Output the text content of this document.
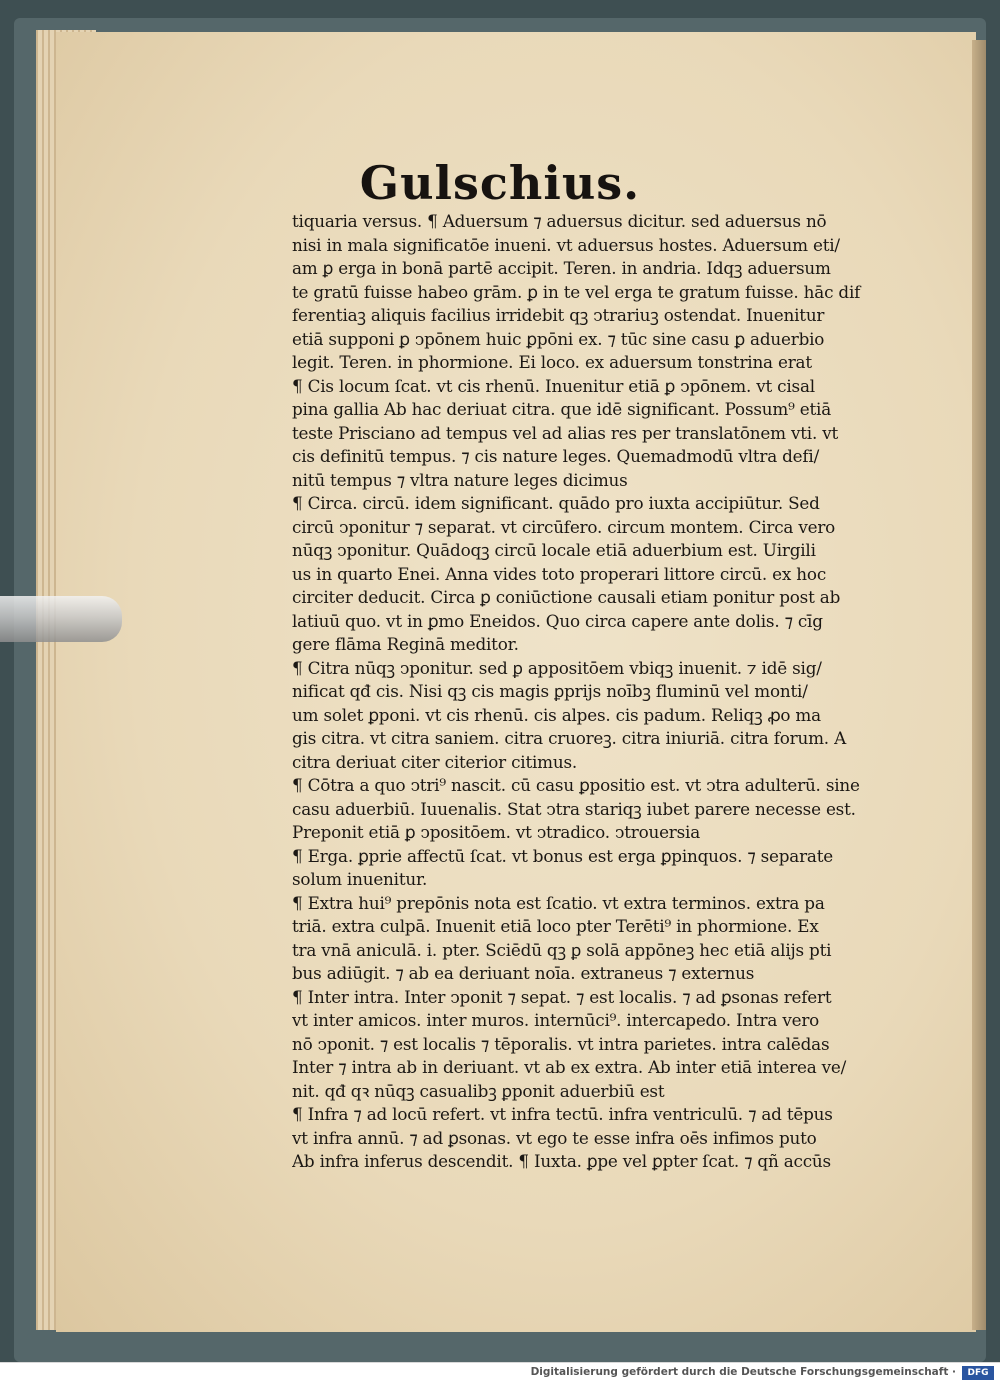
Gulschius.
tiquaria versus. ¶ Aduersum ⁊ aduersus dicitur. sed aduersus nō
nisi in mala significatōe inueni. vt aduersus hostes. Aduersum eti/
am ꝑ erga in bonā partē accipit. Teren. in andria. Idqꝫ aduersum
te gratū fuisse habeo grām. ꝑ in te vel erga te gratum fuisse. hāc dif
ferentiaꝫ aliquis facilius irridebit qꝫ ↄtrariuꝫ ostendat. Inuenitur
etiā supponi ꝑ ↄpōnem huic ꝑpōni ex. ⁊ tūc sine casu ꝑ aduerbio
legit. Teren. in phormione. Ei loco. ex aduersum tonstrina erat
¶ Cis locum ſcat. vt cis rhenū. Inuenitur etiā ꝑ ↄpōnem. vt cisal
pina gallia Ab hac deriuat citra. que idē significant. Possum⁹ etiā
teste Prisciano ad tempus vel ad alias res per translatōnem vti. vt
cis definitū tempus. ⁊ cis nature leges. Quemadmodū vltra defi/
nitū tempus ⁊ vltra nature leges dicimus
¶ Circa. circū. idem significant. quādo pro iuxta accipiūtur. Sed
circū ↄponitur ⁊ separat. vt circūfero. circum montem. Circa vero
nūqꝫ ↄponitur. Quādoqꝫ circū locale etiā aduerbium est. Uirgili
us in quarto Enei. Anna vides toto properari littore circū. ex hoc
circiter deducit. Circa ꝑ coniūctione causali etiam ponitur post ab
latiuū quo. vt in ꝑmo Eneidos. Quo circa capere ante dolis. ⁊ cīg
gere flāma Reginā meditor.
¶ Citra nūqꝫ ↄponitur. sed ꝑ appositōem vbiqꝫ inuenit. ⁊ idē sig/
nificat qđ cis. Nisi qꝫ cis magis ꝑprijs noībꝫ fluminū vel monti/
um solet ꝑponi. vt cis rhenū. cis alpes. cis padum. Reliqꝫ ꝓo ma
gis citra. vt citra saniem. citra cruoreꝫ. citra iniuriā. citra forum. A
citra deriuat citer citerior citimus.
¶ Cōtra a quo ↄtri⁹ nascit. cū casu ꝑpositio est. vt ↄtra adulterū. sine
casu aduerbiū. Iuuenalis. Stat ↄtra stariqꝫ iubet parere necesse est.
Preponit etiā ꝑ ↄpositōem. vt ↄtradico. ↄtrouersia
¶ Erga. ꝑprie affectū ſcat. vt bonus est erga ꝑpinquos. ⁊ separate
solum inuenitur.
¶ Extra hui⁹ prepōnis nota est ſcatio. vt extra terminos. extra pa
triā. extra culpā. Inuenit etiā loco pter Terēti⁹ in phormione. Ex
tra vnā aniculā. i. pter. Sciēdū qꝫ ꝑ solā appōneꝫ hec etiā alijs pti
bus adiūgit. ⁊ ab ea deriuant noīa. extraneus ⁊ externus
¶ Inter intra. Inter ↄponit ⁊ sepat. ⁊ est localis. ⁊ ad ꝑsonas refert
vt inter amicos. inter muros. internūci⁹. intercapedo. Intra vero
nō ↄponit. ⁊ est localis ⁊ tēporalis. vt intra parietes. intra calēdas
Inter ⁊ intra ab in deriuant. vt ab ex extra. Ab inter etiā interea ve/
nit. qđ qꝛ nūqꝫ casualibꝫ ꝑponit aduerbiū est
¶ Infra ⁊ ad locū refert. vt infra tectū. infra ventriculū. ⁊ ad tēpus
vt infra annū. ⁊ ad ꝑsonas. vt ego te esse infra oēs infimos puto
Ab infra inferus descendit. ¶ Iuxta. ꝑpe vel ꝑpter ſcat. ⁊ qñ accūs
Digitalisierung gefördert durch die Deutsche Forschungsgemeinschaft ·	DFG
